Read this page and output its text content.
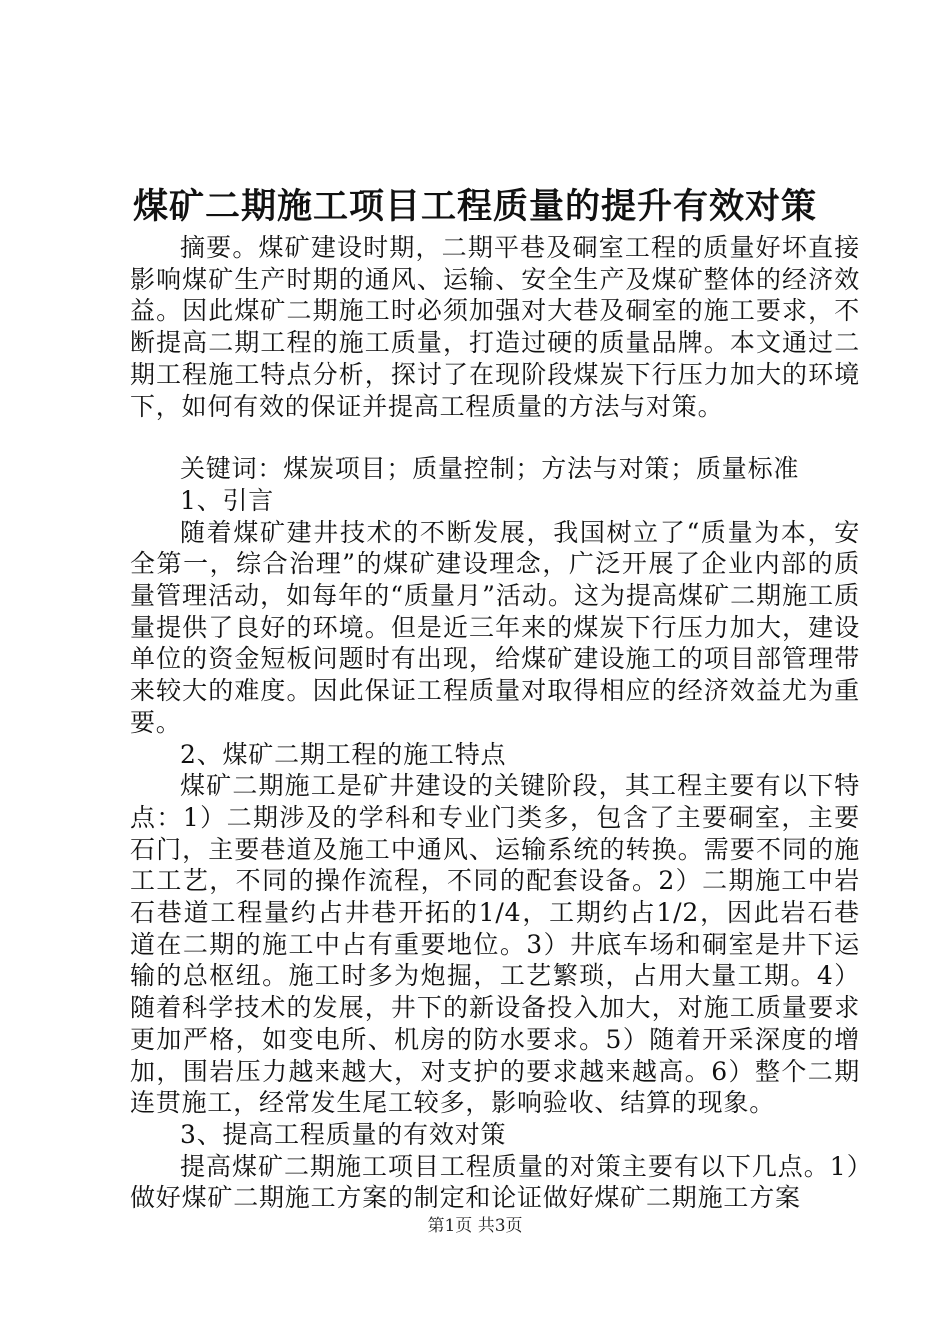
煤矿二期施工项目工程质量的提升有效对策

摘要。煤矿建设时期，二期平巷及硐室工程的质量好坏直接影响煤矿生产时期的通风、运输、安全生产及煤矿整体的经济效益。因此煤矿二期施工时必须加强对大巷及硐室的施工要求，不断提高二期工程的施工质量，打造过硬的质量品牌。本文通过二期工程施工特点分析，探讨了在现阶段煤炭下行压力加大的环境下，如何有效的保证并提高工程质量的方法与对策。

关键词：煤炭项目；质量控制；方法与对策；质量标准

1、引言

随着煤矿建井技术的不断发展，我国树立了“质量为本，安全第一，综合治理”的煤矿建设理念，广泛开展了企业内部的质量管理活动，如每年的“质量月”活动。这为提高煤矿二期施工质量提供了良好的环境。但是近三年来的煤炭下行压力加大，建设单位的资金短板问题时有出现，给煤矿建设施工的项目部管理带来较大的难度。因此保证工程质量对取得相应的经济效益尤为重要。

2、煤矿二期工程的施工特点

煤矿二期施工是矿井建设的关键阶段，其工程主要有以下特点：1）二期涉及的学科和专业门类多，包含了主要硐室，主要石门，主要巷道及施工中通风、运输系统的转换。需要不同的施工工艺，不同的操作流程，不同的配套设备。2）二期施工中岩石巷道工程量约占井巷开拓的1/4，工期约占1/2，因此岩石巷道在二期的施工中占有重要地位。3）井底车场和硐室是井下运输的总枢纽。施工时多为炮掘，工艺繁琐，占用大量工期。4）随着科学技术的发展，井下的新设备投入加大，对施工质量要求更加严格，如变电所、机房的防水要求。5）随着开采深度的增加，围岩压力越来越大，对支护的要求越来越高。6）整个二期连贯施工，经常发生尾工较多，影响验收、结算的现象。

3、提高工程质量的有效对策

提高煤矿二期施工项目工程质量的对策主要有以下几点。1）做好煤矿二期施工方案的制定和论证做好煤矿二期施工方案

第1页 共3页
